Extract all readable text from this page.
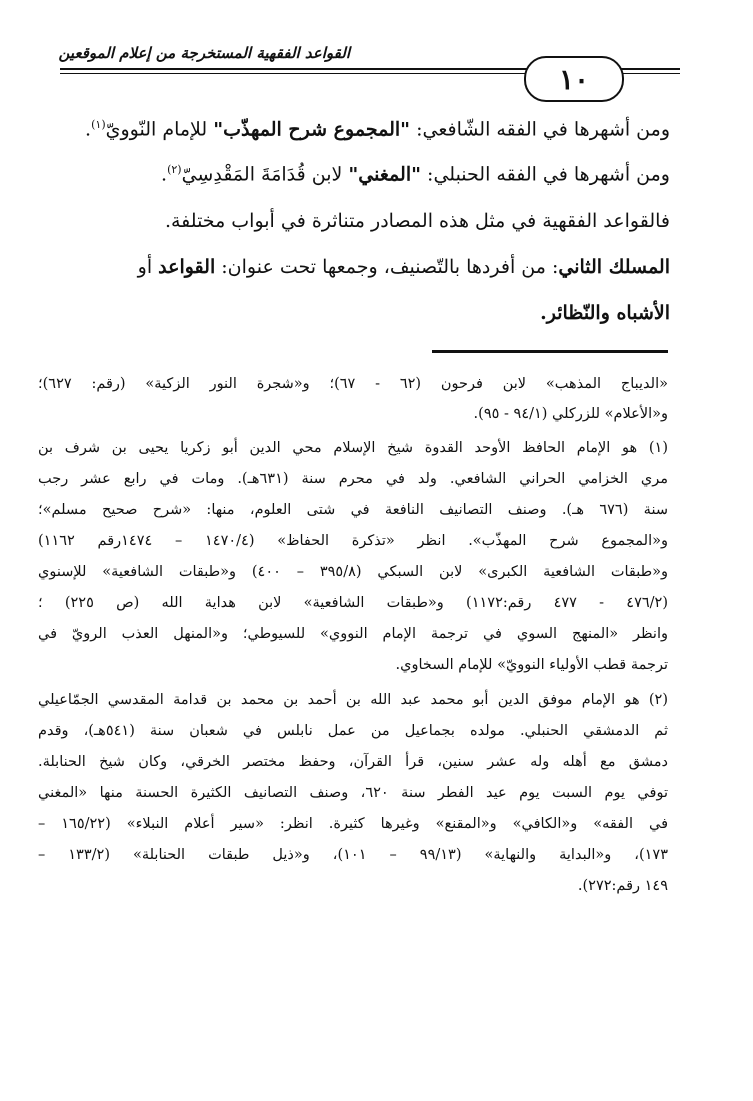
القواعد الفقهية المستخرجة من إعلام الموقعين
١٠
ومن أشهرها في الفقه الشّافعي: "المجموع شرح المهذّب" للإمام النّوويّ$^{(١)}$.
ومن أشهرها في الفقه الحنبلي: "المغني" لابن قُدَامَةَ المَقْدِسِيّ$^{(٢)}$.
فالقواعد الفقهية في مثل هذه المصادر متناثرة في أبواب مختلفة.
المسلك الثاني: من أفردها بالتّصنيف، وجمعها تحت عنوان: القواعد أو
الأشباه والنّظائر.
«الديباج المذهب» لابن فرحون (٦٢ - ٦٧)؛ و«شجرة النور الزكية» (رقم: ٦٢٧)؛
و«الأعلام» للزركلي (٩٤/١ - ٩٥).
(١) هو الإمام الحافظ الأوحد القدوة شيخ الإسلام محي الدين أبو زكريا يحيى بن شرف بن
مري الخزامي الحراني الشافعي. ولد في محرم سنة (٦٣١هـ). ومات في رابع عشر رجب
سنة (٦٧٦ هـ). وصنف التصانيف النافعة في شتى العلوم، منها: «شرح صحيح مسلم»؛
و«المجموع شرح المهذّب». انظر «تذكرة الحفاظ» (١٤٧٠/٤ – ١٤٧٤رقم ١١٦٢)
و«طبقات الشافعية الكبرى» لابن السبكي (٣٩٥/٨ – ٤٠٠) و«طبقات الشافعية» للإسنوي
(٤٧٦/٢ - ٤٧٧ رقم:١١٧٢) و«طبقات الشافعية» لابن هداية الله (ص ٢٢٥) ؛
وانظر «المنهج السوي في ترجمة الإمام النووي» للسيوطي؛ و«المنهل العذب الرويّ في
ترجمة قطب الأولياء النوويّ» للإمام السخاوي.
(٢) هو الإمام موفق الدين أبو محمد عبد الله بن أحمد بن محمد بن قدامة المقدسي الجمّاعيلي
ثم الدمشقي الحنبلي. مولده بجماعيل من عمل نابلس في شعبان سنة (٥٤١هـ)، وقدم
دمشق مع أهله وله عشر سنين، قرأ القرآن، وحفظ مختصر الخرقي، وكان شيخ الحنابلة.
توفي يوم السبت يوم عيد الفطر سنة ٦٢٠، وصنف التصانيف الكثيرة الحسنة منها «المغني
في الفقه» و«الكافي» و«المقنع» وغيرها كثيرة. انظر: «سير أعلام النبلاء» (١٦٥/٢٢ –
١٧٣)، و«البداية والنهاية» (٩٩/١٣ – ١٠١)، و«ذيل طبقات الحنابلة» (١٣٣/٢ –
١٤٩ رقم:٢٧٢).
